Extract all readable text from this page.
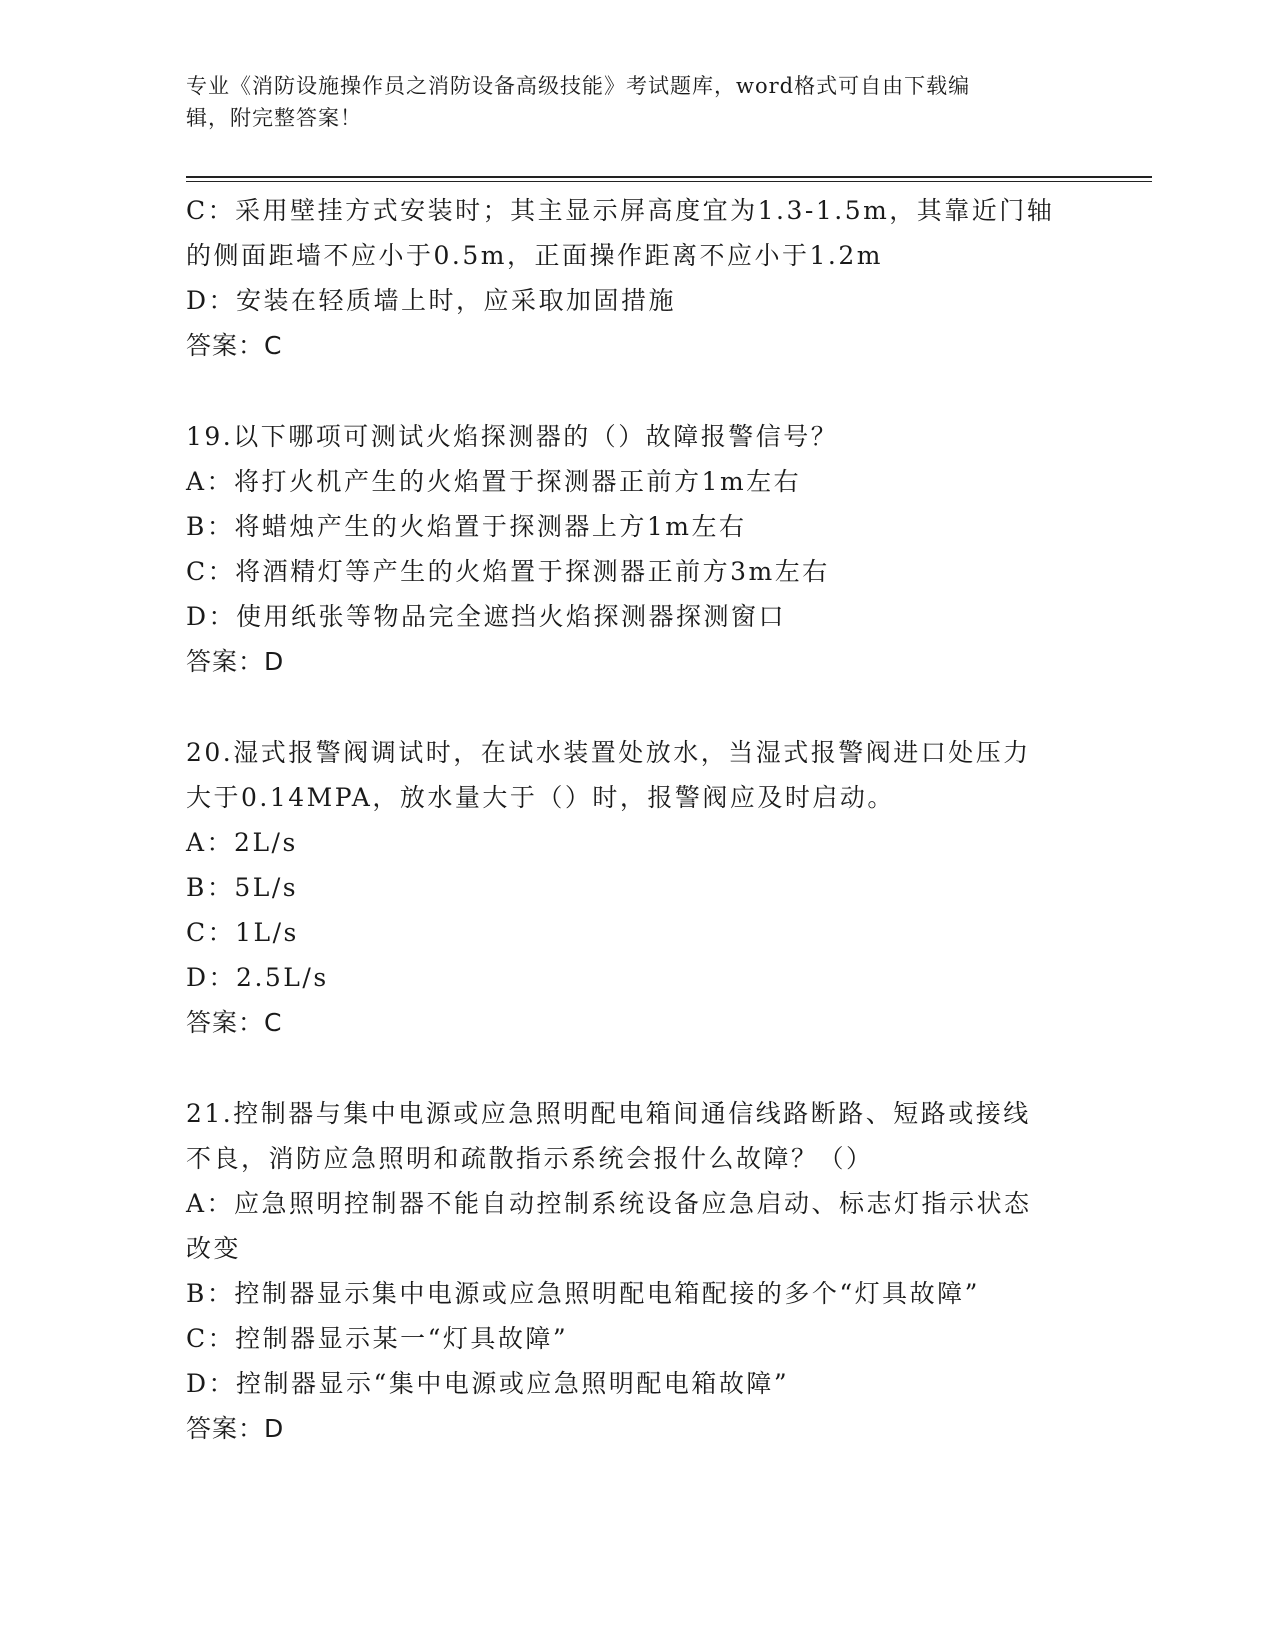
专业《消防设施操作员之消防设备高级技能》考试题库，word格式可自由下载编
辑，附完整答案！

C：采用壁挂方式安装时；其主显示屏高度宜为1.3-1.5m，其靠近门轴

的侧面距墙不应小于0.5m，正面操作距离不应小于1.2m

D：安装在轻质墙上时，应采取加固措施

答案：C

19.以下哪项可测试火焰探测器的（）故障报警信号？

A：将打火机产生的火焰置于探测器正前方1m左右

B：将蜡烛产生的火焰置于探测器上方1m左右

C：将酒精灯等产生的火焰置于探测器正前方3m左右

D：使用纸张等物品完全遮挡火焰探测器探测窗口

答案：D

20.湿式报警阀调试时，在试水装置处放水，当湿式报警阀进口处压力

大于0.14MPA，放水量大于（）时，报警阀应及时启动。

A：2L/s

B：5L/s

C：1L/s

D：2.5L/s

答案：C

21.控制器与集中电源或应急照明配电箱间通信线路断路、短路或接线

不良，消防应急照明和疏散指示系统会报什么故障？（）

A：应急照明控制器不能自动控制系统设备应急启动、标志灯指示状态

改变

B：控制器显示集中电源或应急照明配电箱配接的多个“灯具故障”

C：控制器显示某一“灯具故障”

D：控制器显示“集中电源或应急照明配电箱故障”

答案：D
